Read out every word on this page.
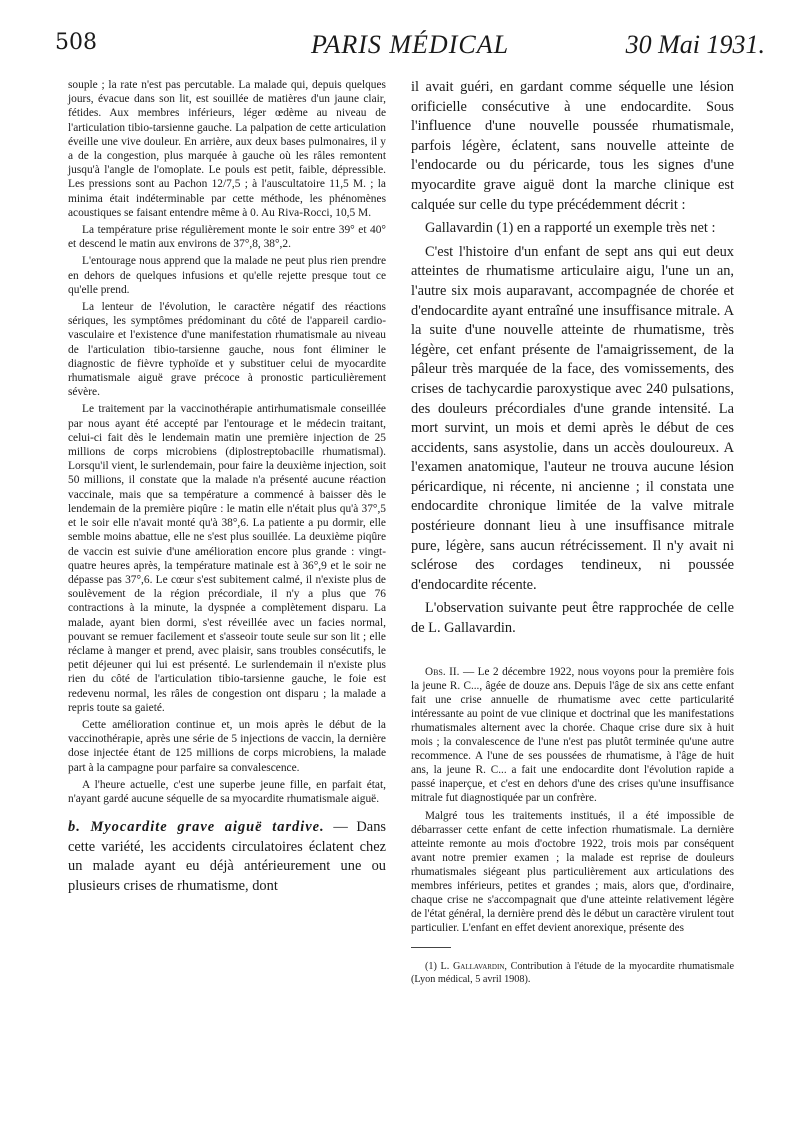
508	PARIS MÉDICAL	30 Mai 1931.

souple ; la rate n'est pas percutable. La malade qui, depuis quelques jours, évacue dans son lit, est souillée de matières d'un jaune clair, fétides. Aux membres inférieurs, léger œdème au niveau de l'articulation tibio-tarsienne gauche. La palpation de cette articulation éveille une vive douleur. En arrière, aux deux bases pulmonaires, il y a de la congestion, plus marquée à gauche où les râles remontent jusqu'à l'angle de l'omoplate. Le pouls est petit, faible, dépressible. Les pressions sont au Pachon 12/7,5 ; à l'auscultatoire 11,5 M. ; la minima était indéterminable par cette méthode, les phénomènes acoustiques se faisant entendre même à 0. Au Riva-Rocci, 10,5 M.

La température prise régulièrement monte le soir entre 39° et 40° et descend le matin aux environs de 37°,8, 38°,2.

L'entourage nous apprend que la malade ne peut plus rien prendre en dehors de quelques infusions et qu'elle rejette presque tout ce qu'elle prend.

La lenteur de l'évolution, le caractère négatif des réactions sériques, les symptômes prédominant du côté de l'appareil cardio-vasculaire et l'existence d'une manifestation rhumatismale au niveau de l'articulation tibio-tarsienne gauche, nous font éliminer le diagnostic de fièvre typhoïde et y substituer celui de myocardite rhumatismale aiguë grave précoce à pronostic particulièrement sévère.

Le traitement par la vaccinothérapie antirhumatismale conseillée par nous ayant été accepté par l'entourage et le médecin traitant, celui-ci fait dès le lendemain matin une première injection de 25 millions de corps microbiens (diplostreptobacille rhumatismal). Lorsqu'il vient, le surlendemain, pour faire la deuxième injection, soit 50 millions, il constate que la malade n'a présenté aucune réaction vaccinale, mais que sa température a commencé à baisser dès le lendemain de la première piqûre : le matin elle n'était plus qu'à 37°,5 et le soir elle n'avait monté qu'à 38°,6. La patiente a pu dormir, elle semble moins abattue, elle ne s'est plus souillée. La deuxième piqûre de vaccin est suivie d'une amélioration encore plus grande : vingt-quatre heures après, la température matinale est à 36°,9 et le soir ne dépasse pas 37°,6. Le cœur s'est subitement calmé, il n'existe plus de soulèvement de la région précordiale, il n'y a plus que 76 contractions à la minute, la dyspnée a complètement disparu. La malade, ayant bien dormi, s'est réveillée avec un facies normal, pouvant se remuer facilement et s'asseoir toute seule sur son lit ; elle réclame à manger et prend, avec plaisir, sans troubles consécutifs, le petit déjeuner qui lui est présenté. Le surlendemain il n'existe plus rien du côté de l'articulation tibio-tarsienne gauche, le foie est redevenu normal, les râles de congestion ont disparu ; la malade a repris toute sa gaieté.

Cette amélioration continue et, un mois après le début de la vaccinothérapie, après une série de 5 injections de vaccin, la dernière dose injectée étant de 125 millions de corps microbiens, la malade part à la campagne pour parfaire sa convalescence.

A l'heure actuelle, c'est une superbe jeune fille, en parfait état, n'ayant gardé aucune séquelle de sa myocardite rhumatismale aiguë.

b. Myocardite grave aiguë tardive. — Dans cette variété, les accidents circulatoires éclatent chez un malade ayant eu déjà antérieurement une ou plusieurs crises de rhumatisme, dont

il avait guéri, en gardant comme séquelle une lésion orificielle consécutive à une endocardite. Sous l'influence d'une nouvelle poussée rhumatismale, parfois légère, éclatent, sans nouvelle atteinte de l'endocarde ou du péricarde, tous les signes d'une myocardite grave aiguë dont la marche clinique est calquée sur celle du type précédemment décrit :

Gallavardin (1) en a rapporté un exemple très net :

C'est l'histoire d'un enfant de sept ans qui eut deux atteintes de rhumatisme articulaire aigu, l'une un an, l'autre six mois auparavant, accompagnée de chorée et d'endocardite ayant entraîné une insuffisance mitrale. A la suite d'une nouvelle atteinte de rhumatisme, très légère, cet enfant présente de l'amaigrissement, de la pâleur très marquée de la face, des vomissements, des crises de tachycardie paroxystique avec 240 pulsations, des douleurs précordiales d'une grande intensité. La mort survint, un mois et demi après le début de ces accidents, sans asystolie, dans un accès douloureux. A l'examen anatomique, l'auteur ne trouva aucune lésion péricardique, ni récente, ni ancienne ; il constata une endocardite chronique limitée de la valve mitrale postérieure donnant lieu à une insuffisance mitrale pure, légère, sans aucun rétrécissement. Il n'y avait ni sclérose des cordages tendineux, ni poussée d'endocardite récente.

L'observation suivante peut être rapprochée de celle de L. Gallavardin.

Obs. II. — Le 2 décembre 1922, nous voyons pour la première fois la jeune R. C..., âgée de douze ans. Depuis l'âge de six ans cette enfant fait une crise annuelle de rhumatisme avec cette particularité intéressante au point de vue clinique et doctrinal que les manifestations rhumatismales alternent avec la chorée. Chaque crise dure six à huit mois ; la convalescence de l'une n'est pas plutôt terminée qu'une autre recommence. A l'une de ses poussées de rhumatisme, à l'âge de huit ans, la jeune R. C... a fait une endocardite dont l'évolution rapide a passé inaperçue, et c'est en dehors d'une des crises qu'une insuffisance mitrale fut diagnostiquée par un confrère.

Malgré tous les traitements institués, il a été impossible de débarrasser cette enfant de cette infection rhumatismale. La dernière atteinte remonte au mois d'octobre 1922, trois mois par conséquent avant notre premier examen ; la malade est reprise de douleurs rhumatismales siégeant plus particulièrement aux articulations des membres inférieurs, petites et grandes ; mais, alors que, d'ordinaire, chaque crise ne s'accompagnait que d'une atteinte relativement légère de l'état général, la dernière prend dès le début un caractère virulent tout particulier. L'enfant en effet devient anorexique, présente des

(1) L. Gallavardin, Contribution à l'étude de la myocardite rhumatismale (Lyon médical, 5 avril 1908).
